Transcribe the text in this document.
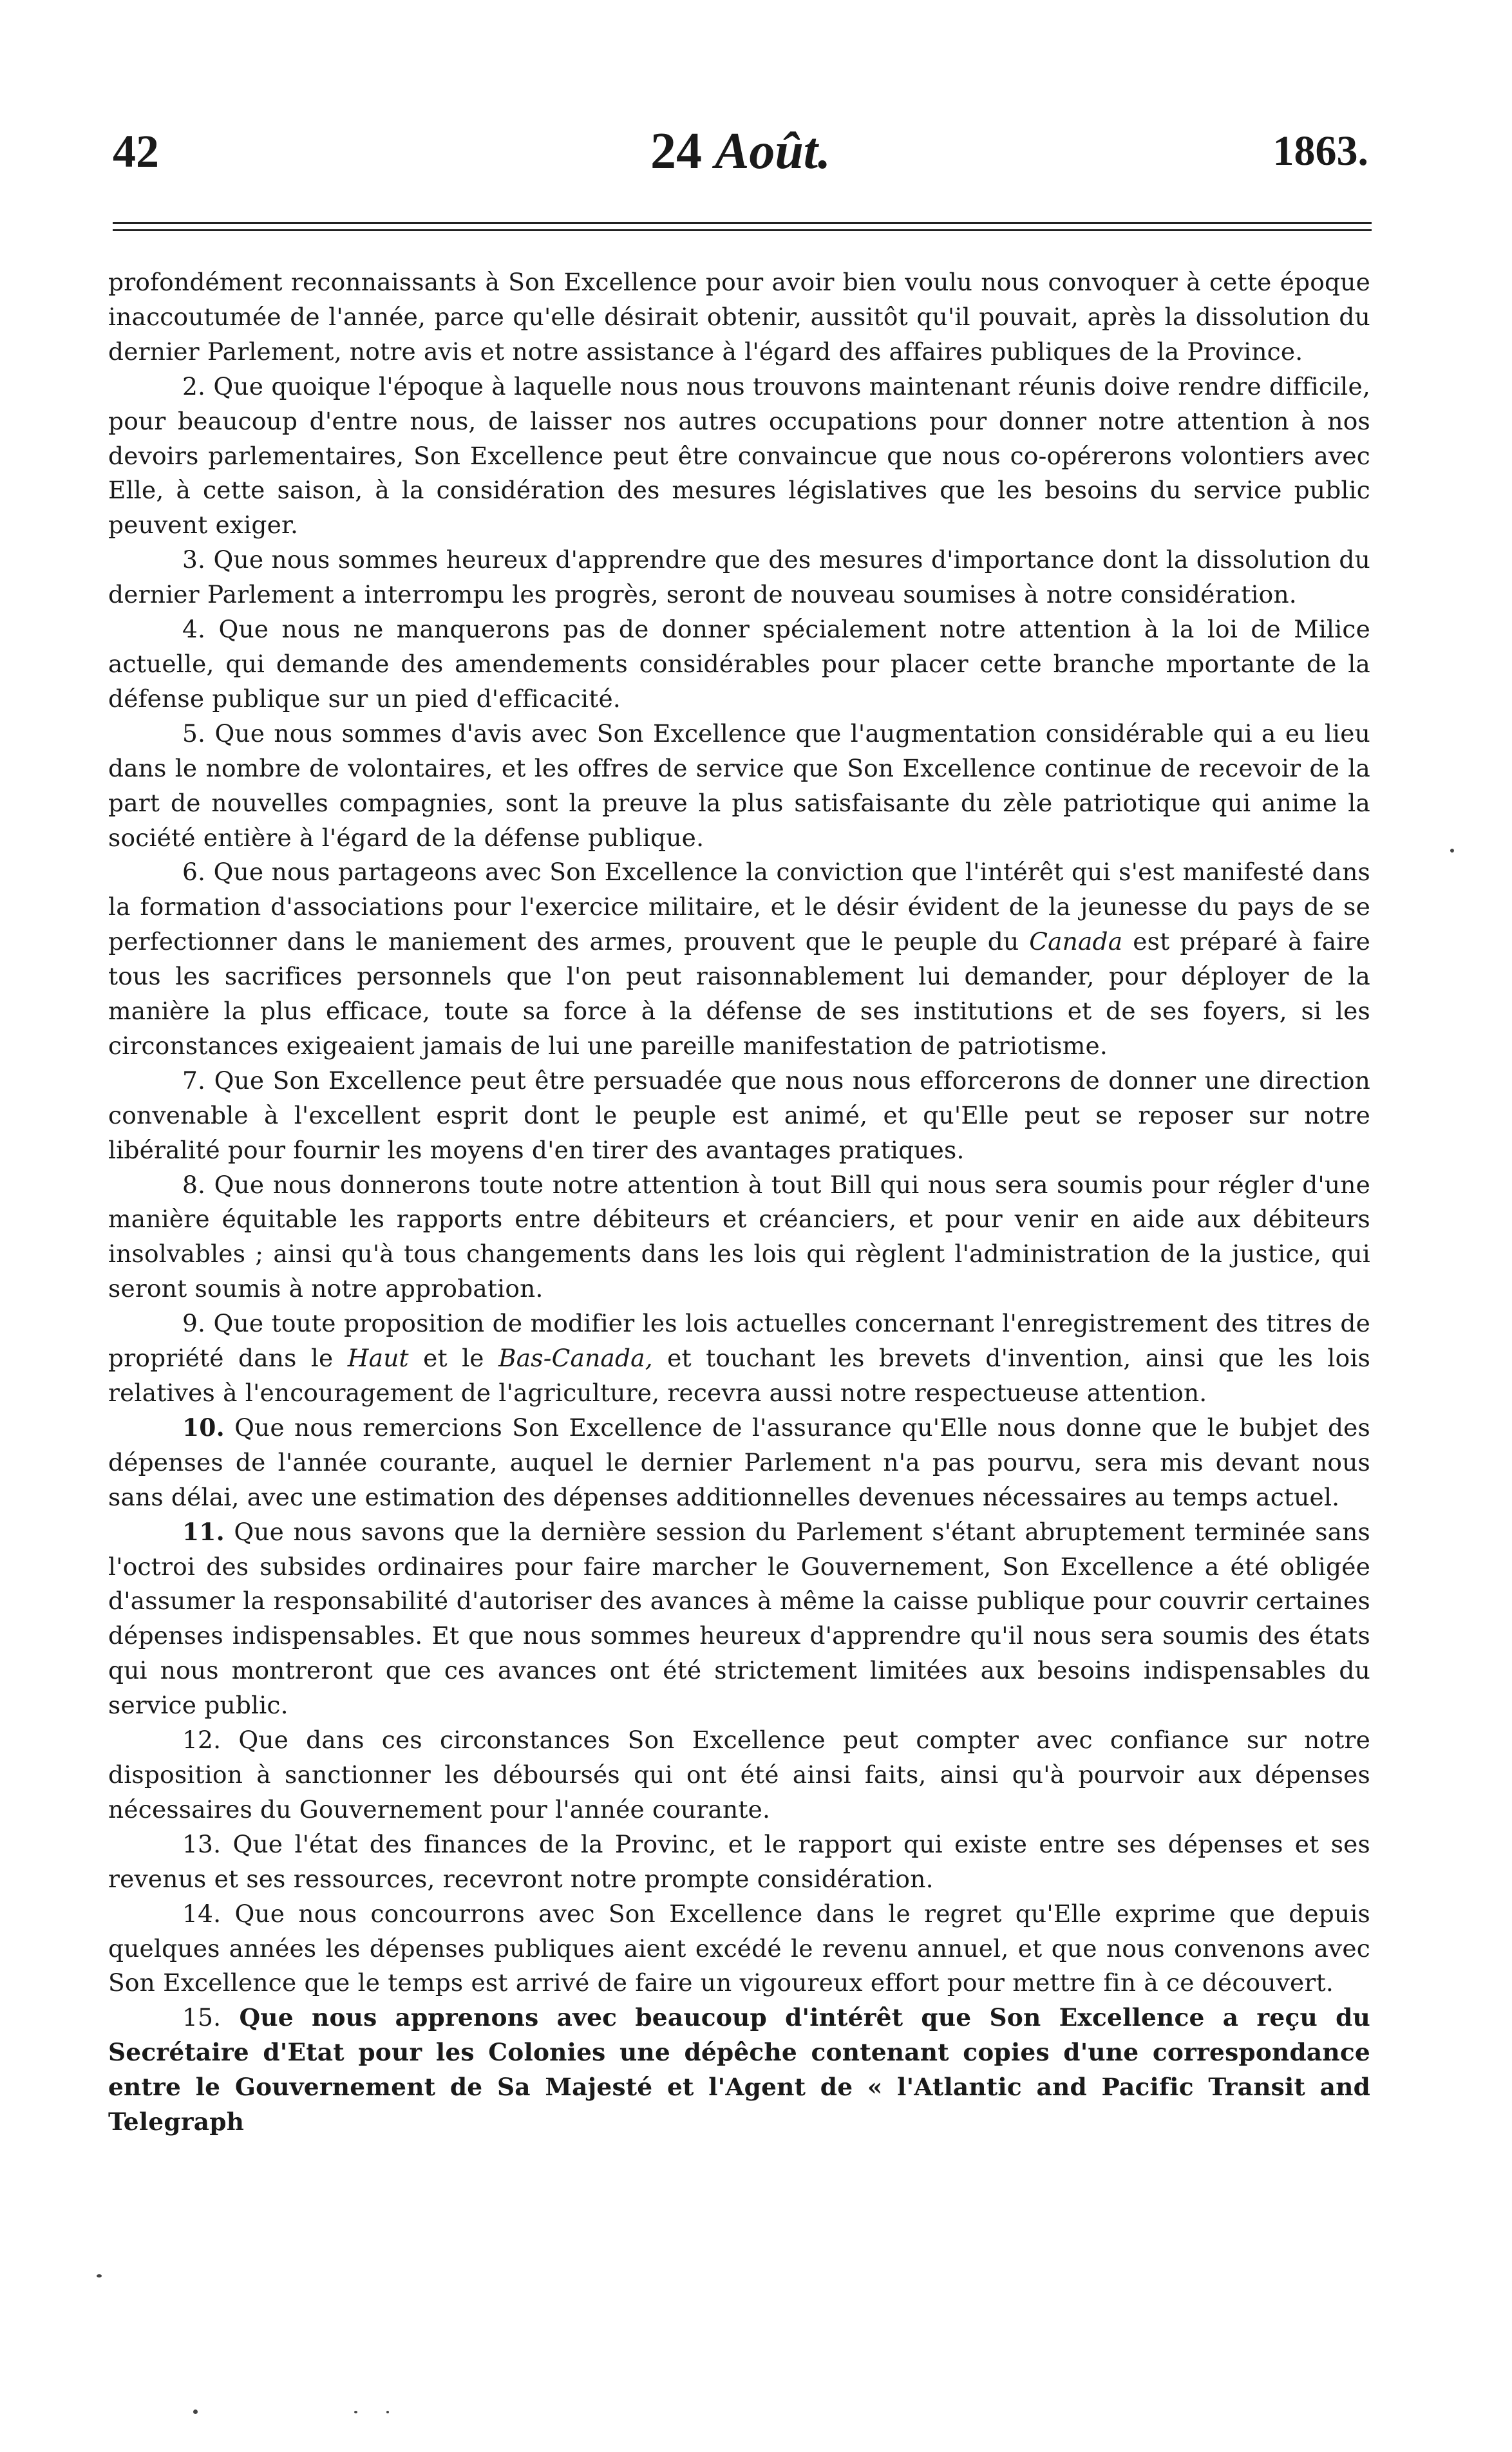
42	24 Août.	1863.

profondément reconnaissants à Son Excellence pour avoir bien voulu nous convoquer à cette époque inaccoutumée de l'année, parce qu'elle désirait obtenir, aussitôt qu'il pouvait, après la dissolution du dernier Parlement, notre avis et notre assistance à l'égard des affaires publiques de la Province.

2. Que quoique l'époque à laquelle nous nous trouvons maintenant réunis doive rendre difficile, pour beaucoup d'entre nous, de laisser nos autres occupations pour donner notre attention à nos devoirs parlementaires, Son Excellence peut être convaincue que nous co-opérerons volontiers avec Elle, à cette saison, à la considération des mesures législatives que les besoins du service public peuvent exiger.

3. Que nous sommes heureux d'apprendre que des mesures d'importance dont la dissolution du dernier Parlement a interrompu les progrès, seront de nouveau soumises à notre considération.

4. Que nous ne manquerons pas de donner spécialement notre attention à la loi de Milice actuelle, qui demande des amendements considérables pour placer cette branche mportante de la défense publique sur un pied d'efficacité.

5. Que nous sommes d'avis avec Son Excellence que l'augmentation considérable qui a eu lieu dans le nombre de volontaires, et les offres de service que Son Excellence continue de recevoir de la part de nouvelles compagnies, sont la preuve la plus satisfaisante du zèle patriotique qui anime la société entière à l'égard de la défense publique.

6. Que nous partageons avec Son Excellence la conviction que l'intérêt qui s'est manifesté dans la formation d'associations pour l'exercice militaire, et le désir évident de la jeunesse du pays de se perfectionner dans le maniement des armes, prouvent que le peuple du Canada est préparé à faire tous les sacrifices personnels que l'on peut raisonnablement lui demander, pour déployer de la manière la plus efficace, toute sa force à la défense de ses institutions et de ses foyers, si les circonstances exigeaient jamais de lui une pareille manifestation de patriotisme.

7. Que Son Excellence peut être persuadée que nous nous efforcerons de donner une direction convenable à l'excellent esprit dont le peuple est animé, et qu'Elle peut se reposer sur notre libéralité pour fournir les moyens d'en tirer des avantages pratiques.

8. Que nous donnerons toute notre attention à tout Bill qui nous sera soumis pour régler d'une manière équitable les rapports entre débiteurs et créanciers, et pour venir en aide aux débiteurs insolvables ; ainsi qu'à tous changements dans les lois qui règlent l'administration de la justice, qui seront soumis à notre approbation.

9. Que toute proposition de modifier les lois actuelles concernant l'enregistrement des titres de propriété dans le Haut et le Bas-Canada, et touchant les brevets d'invention, ainsi que les lois relatives à l'encouragement de l'agriculture, recevra aussi notre respectueuse attention.

10. Que nous remercions Son Excellence de l'assurance qu'Elle nous donne que le bubjet des dépenses de l'année courante, auquel le dernier Parlement n'a pas pourvu, sera mis devant nous sans délai, avec une estimation des dépenses additionnelles devenues nécessaires au temps actuel.

11. Que nous savons que la dernière session du Parlement s'étant abruptement terminée sans l'octroi des subsides ordinaires pour faire marcher le Gouvernement, Son Excellence a été obligée d'assumer la responsabilité d'autoriser des avances à même la caisse publique pour couvrir certaines dépenses indispensables. Et que nous sommes heureux d'apprendre qu'il nous sera soumis des états qui nous montreront que ces avances ont été strictement limitées aux besoins indispensables du service public.

12. Que dans ces circonstances Son Excellence peut compter avec confiance sur notre disposition à sanctionner les déboursés qui ont été ainsi faits, ainsi qu'à pourvoir aux dépenses nécessaires du Gouvernement pour l'année courante.

13. Que l'état des finances de la Provinc, et le rapport qui existe entre ses dépenses et ses revenus et ses ressources, recevront notre prompte considération.

14. Que nous concourrons avec Son Excellence dans le regret qu'Elle exprime que depuis quelques années les dépenses publiques aient excédé le revenu annuel, et que nous convenons avec Son Excellence que le temps est arrivé de faire un vigoureux effort pour mettre fin à ce découvert.

15. Que nous apprenons avec beaucoup d'intérêt que Son Excellence a reçu du Secrétaire d'Etat pour les Colonies une dépêche contenant copies d'une correspondance entre le Gouvernement de Sa Majesté et l'Agent de « l'Atlantic and Pacific Transit and Telegraph
